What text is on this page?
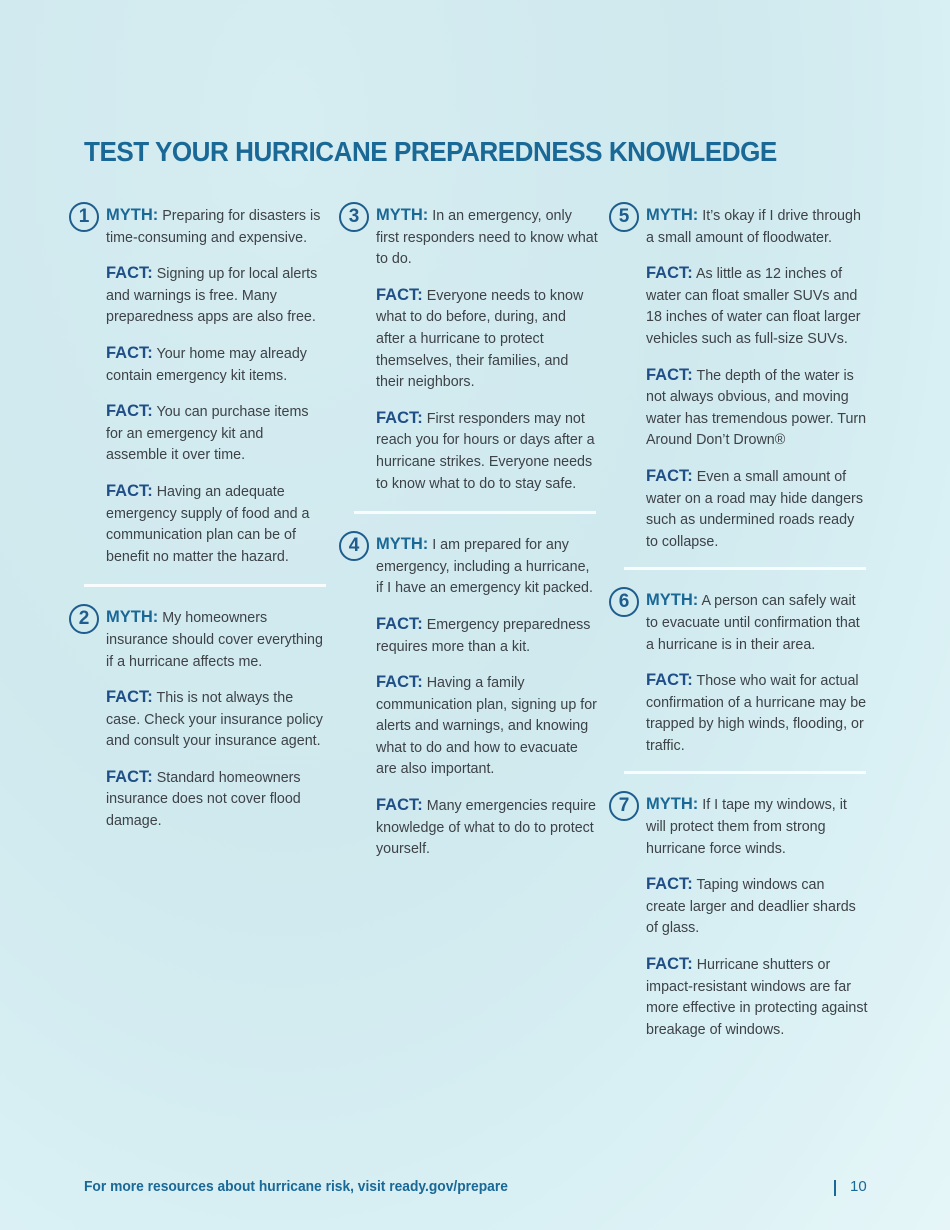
TEST YOUR HURRICANE PREPAREDNESS KNOWLEDGE
1	MYTH: Preparing for disasters is time-consuming and expensive.

FACT: Signing up for local alerts and warnings is free. Many preparedness apps are also free.

FACT: Your home may already contain emergency kit items.

FACT: You can purchase items for an emergency kit and assemble it over time.

FACT: Having an adequate emergency supply of food and a communication plan can be of benefit no matter the hazard.

2	MYTH: My homeowners insurance should cover everything if a hurricane affects me.

FACT: This is not always the case. Check your insurance policy and consult your insurance agent.

FACT: Standard homeowners insurance does not cover flood damage.

3	MYTH: In an emergency, only first responders need to know what to do.

FACT: Everyone needs to know what to do before, during, and after a hurricane to protect themselves, their families, and their neighbors.

FACT: First responders may not reach you for hours or days after a hurricane strikes. Everyone needs to know what to do to stay safe.

4	MYTH: I am prepared for any emergency, including a hurricane, if I have an emergency kit packed.

FACT: Emergency preparedness requires more than a kit.

FACT: Having a family communication plan, signing up for alerts and warnings, and knowing what to do and how to evacuate are also important.

FACT: Many emergencies require knowledge of what to do to protect yourself.

5	MYTH: It’s okay if I drive through a small amount of floodwater.

FACT: As little as 12 inches of water can float smaller SUVs and 18 inches of water can float larger vehicles such as full-size SUVs.

FACT: The depth of the water is not always obvious, and moving water has tremendous power. Turn Around Don’t Drown®

FACT: Even a small amount of water on a road may hide dangers such as undermined roads ready to collapse.

6	MYTH: A person can safely wait to evacuate until confirmation that a hurricane is in their area.

FACT: Those who wait for actual confirmation of a hurricane may be trapped by high winds, flooding, or traffic.

7	MYTH: If I tape my windows, it will protect them from strong hurricane force winds.

FACT: Taping windows can create larger and deadlier shards of glass.

FACT: Hurricane shutters or impact-resistant windows are far more effective in protecting against breakage of windows.

For more resources about hurricane risk, visit ready.gov/prepare	10
